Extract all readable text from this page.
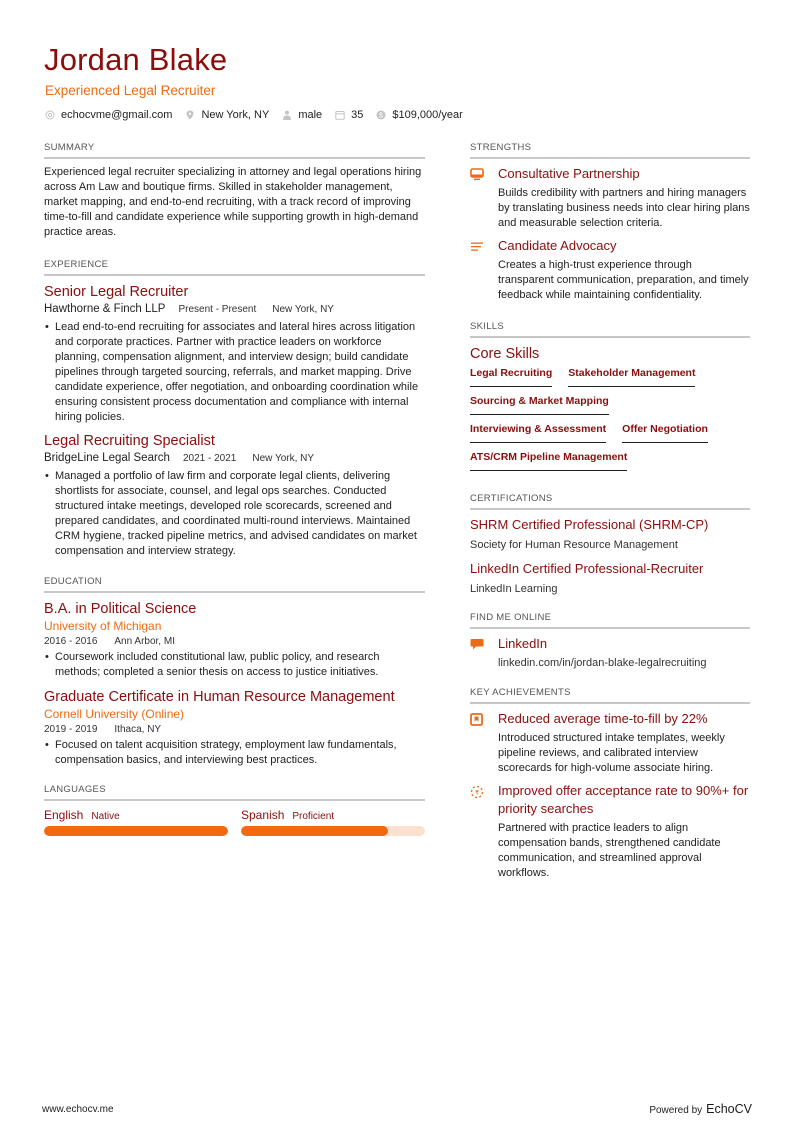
Jordan Blake
Experienced Legal Recruiter
echocvme@gmail.com	New York, NY	male	35 $ $109,000/year
SUMMARY

Experienced legal recruiter specializing in attorney and legal operations hiring across Am Law and boutique firms. Skilled in stakeholder management, market mapping, and end-to-end recruiting, with a track record of improving time-to-fill and candidate experience while supporting growth in high-demand practice areas.

EXPERIENCE
Senior Legal Recruiter
Hawthorne & Finch LLP Present - Present New York, NY
• Lead end-to-end recruiting for associates and lateral hires across litigation and corporate practices. Partner with practice leaders on workforce planning, compensation alignment, and interview design; build candidate pipelines through targeted sourcing, referrals, and market mapping. Drive candidate experience, offer negotiation, and onboarding coordination while ensuring consistent process documentation and compliance with internal hiring policies.
Legal Recruiting Specialist
BridgeLine Legal Search 2021 - 2021 New York, NY
• Managed a portfolio of law firm and corporate legal clients, delivering shortlists for associate, counsel, and legal ops searches. Conducted structured intake meetings, developed role scorecards, screened and prepared candidates, and coordinated multi-round interviews. Maintained CRM hygiene, tracked pipeline metrics, and advised candidates on market compensation and interview strategy.
EDUCATION
B.A. in Political Science
University of Michigan
2016 - 2016 Ann Arbor, MI
• Coursework included constitutional law, public policy, and research methods; completed a senior thesis on access to justice initiatives.
Graduate Certificate in Human Resource Management
Cornell University (Online)
2019 - 2019 Ithaca, NY
• Focused on talent acquisition strategy, employment law fundamentals, compensation basics, and interviewing best practices.
LANGUAGES
English Native	Spanish Proficient
STRENGTHS
Consultative Partnership
Builds credibility with partners and hiring managers by translating business needs into clear hiring plans and measurable selection criteria.
Candidate Advocacy
Creates a high-trust experience through transparent communication, preparation, and timely feedback while maintaining confidentiality.
SKILLS
Core Skills
Legal Recruiting Stakeholder Management
Sourcing & Market Mapping
Interviewing & Assessment Offer Negotiation
ATS/CRM Pipeline Management
CERTIFICATIONS
SHRM Certified Professional (SHRM-CP)
Society for Human Resource Management
LinkedIn Certified Professional-Recruiter
LinkedIn Learning
FIND ME ONLINE
LinkedIn
linkedin.com/in/jordan-blake-legalrecruiting
KEY ACHIEVEMENTS
Reduced average time-to-fill by 22%
Introduced structured intake templates, weekly pipeline reviews, and calibrated interview scorecards for high-volume associate hiring.
Improved offer acceptance rate to 90%+ for priority searches
Partnered with practice leaders to align compensation bands, strengthened candidate communication, and streamlined approval workflows.
www.echocv.me	Powered by EchoCV
